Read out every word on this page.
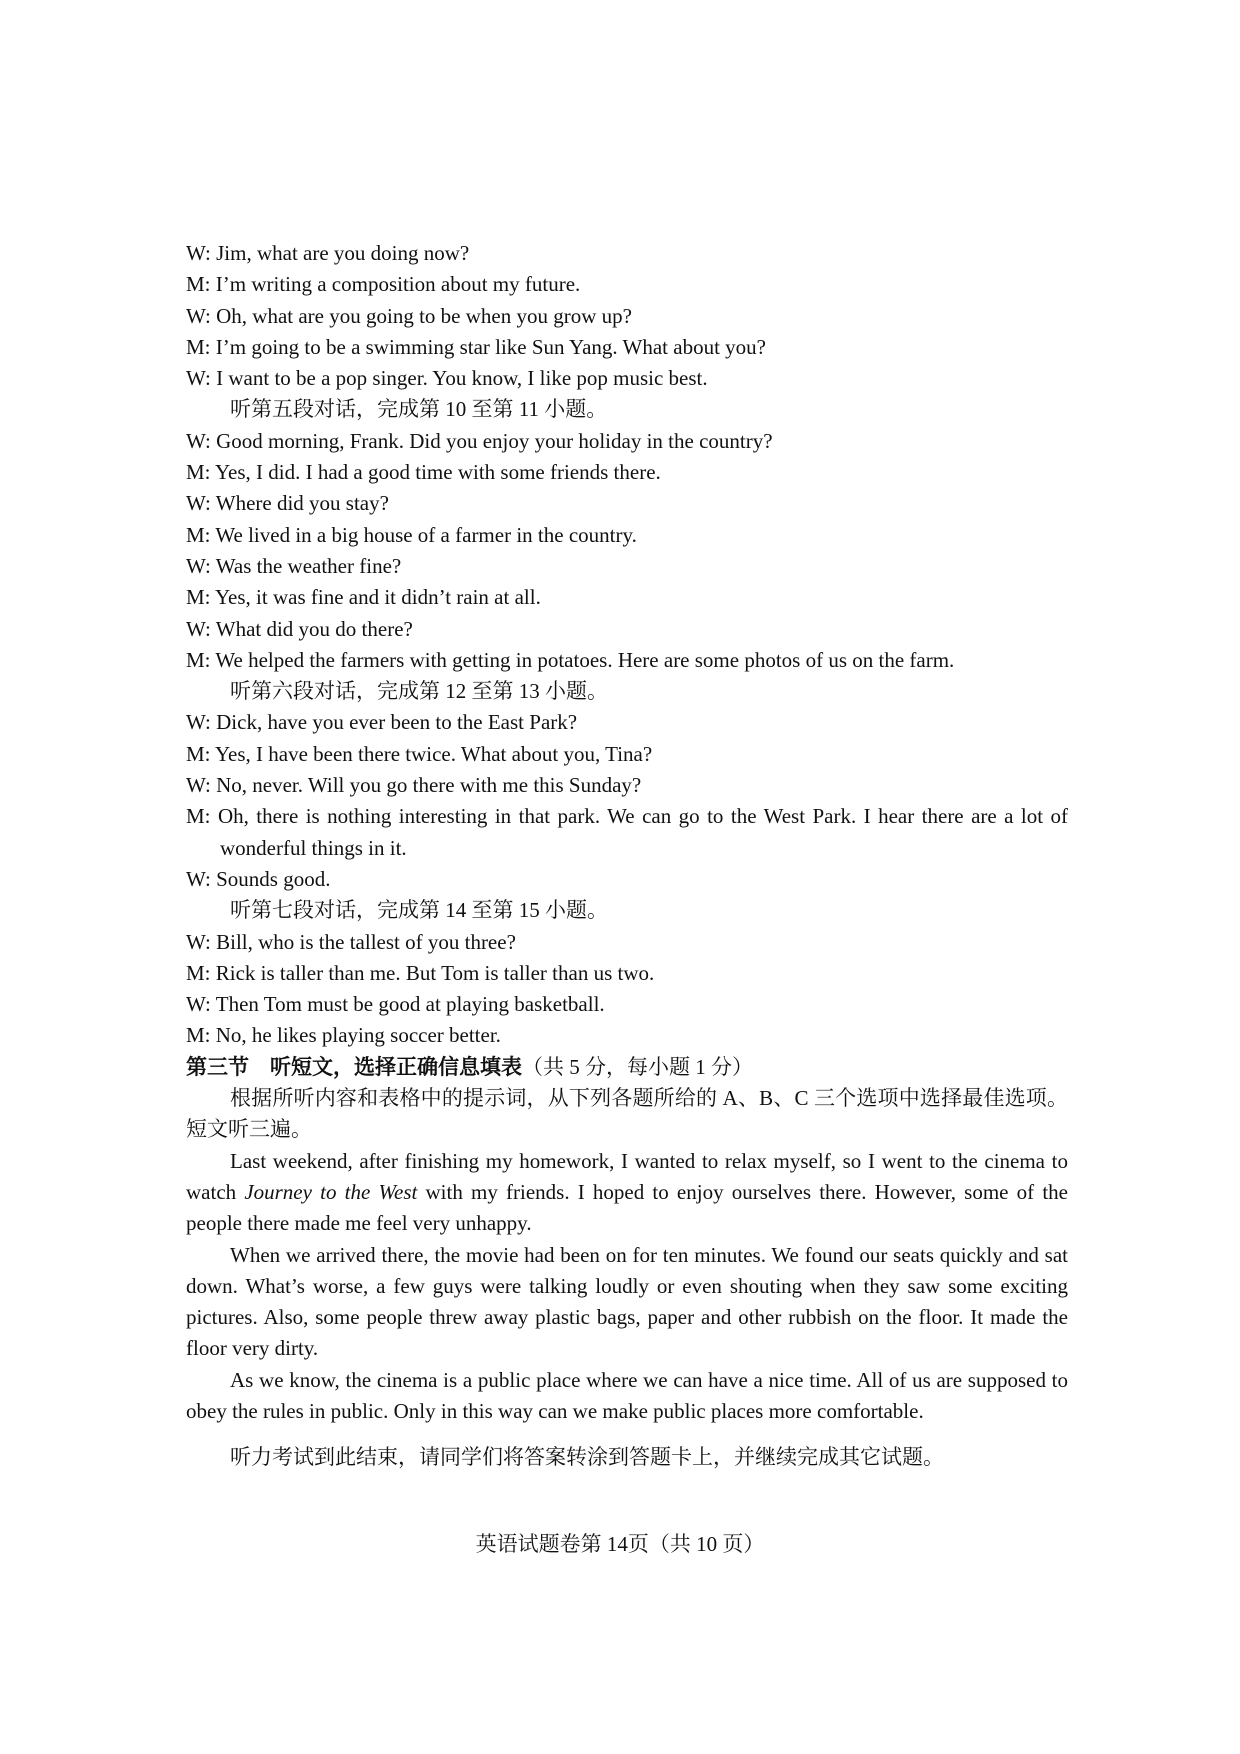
W: Jim, what are you doing now?
M: I’m writing a composition about my future.
W: Oh, what are you going to be when you grow up?
M: I’m going to be a swimming star like Sun Yang. What about you?
W: I want to be a pop singer. You know, I like pop music best.
听第五段对话，完成第 10 至第 11 小题。
W: Good morning, Frank. Did you enjoy your holiday in the country?
M: Yes, I did. I had a good time with some friends there.
W: Where did you stay?
M: We lived in a big house of a farmer in the country.
W: Was the weather fine?
M: Yes, it was fine and it didn’t rain at all.
W: What did you do there?
M: We helped the farmers with getting in potatoes. Here are some photos of us on the farm.
听第六段对话，完成第 12 至第 13 小题。
W: Dick, have you ever been to the East Park?
M: Yes, I have been there twice. What about you, Tina?
W: No, never. Will you go there with me this Sunday?
M: Oh, there is nothing interesting in that park. We can go to the West Park. I hear there are a lot of wonderful things in it.
W: Sounds good.
听第七段对话，完成第 14 至第 15 小题。
W: Bill, who is the tallest of you three?
M: Rick is taller than me. But Tom is taller than us two.
W: Then Tom must be good at playing basketball.
M: No, he likes playing soccer better.
第三节　听短文，选择正确信息填表（共 5 分，每小题 1 分）

根据所听内容和表格中的提示词，从下列各题所给的 A、B、C 三个选项中选择最佳选项。短文听三遍。

Last weekend, after finishing my homework, I wanted to relax myself, so I went to the cinema to watch Journey to the West with my friends. I hoped to enjoy ourselves there. However, some of the people there made me feel very unhappy.

When we arrived there, the movie had been on for ten minutes. We found our seats quickly and sat down. What’s worse, a few guys were talking loudly or even shouting when they saw some exciting pictures. Also, some people threw away plastic bags, paper and other rubbish on the floor. It made the floor very dirty.

As we know, the cinema is a public place where we can have a nice time. All of us are supposed to obey the rules in public. Only in this way can we make public places more comfortable.

听力考试到此结束，请同学们将答案转涂到答题卡上，并继续完成其它试题。
英语试题卷第 14页（共 10 页）
